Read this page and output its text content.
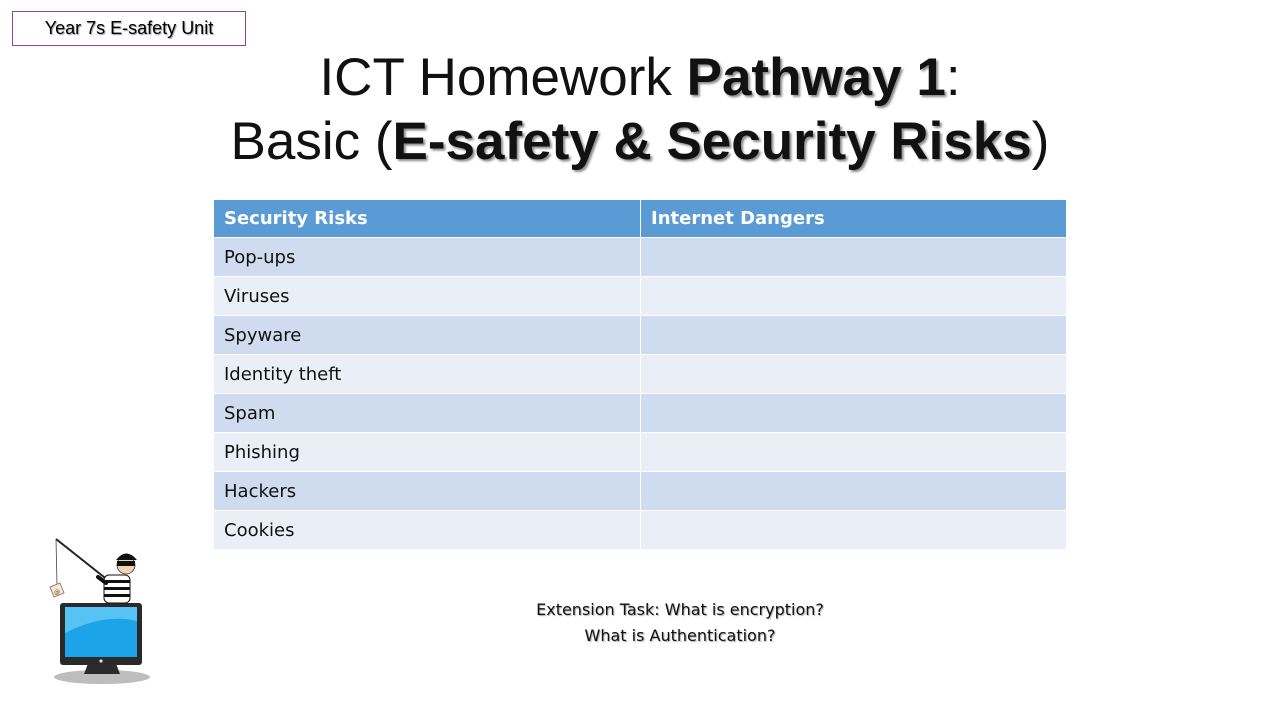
Year 7s E-safety Unit
ICT Homework Pathway 1:
Basic (E-safety & Security Risks)
Security Risks	Internet Dangers
Pop-ups	
Viruses	
Spyware	
Identity theft	
Spam	
Phishing	
Hackers	
Cookies	
Extension Task: What is encryption?
What is Authentication?
@
